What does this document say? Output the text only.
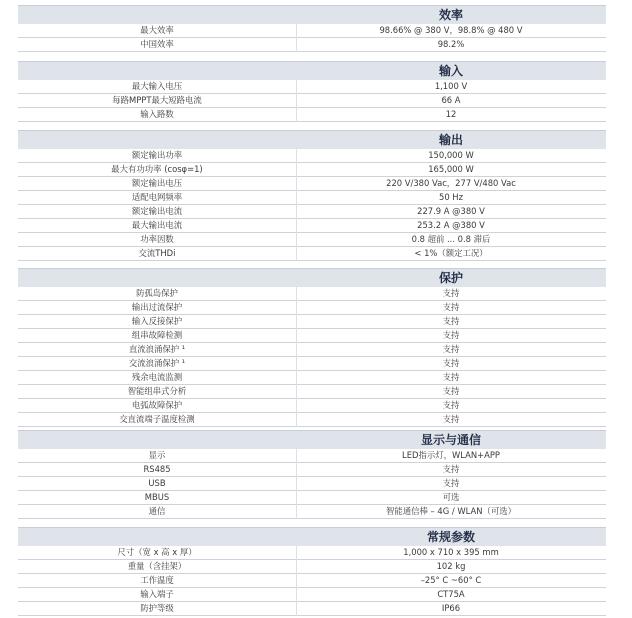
效率
最大效率	98.66% @ 380 V，98.8% @ 480 V
中国效率	98.2%
输入
最大输入电压	1,100 V
每路MPPT最大短路电流	66 A
输入路数	12
输出
额定输出功率	150,000 W
最大有功功率 (cosφ=1)	165,000 W
额定输出电压	220 V/380 Vac，277 V/480 Vac
适配电网频率	50 Hz
额定输出电流	227.9 A @380 V
最大输出电流	253.2 A @380 V
功率因数	0.8 超前 ... 0.8 滞后
交流THDi	< 1%（额定工况）
保护
防孤岛保护	支持
输出过流保护	支持
输入反接保护	支持
组串故障检测	支持
直流浪涌保护 ¹	支持
交流浪涌保护 ¹	支持
残余电流监测	支持
智能组串式分析	支持
电弧故障保护	支持
交直流端子温度检测	支持
显示与通信
显示	LED指示灯，WLAN+APP
RS485	支持
USB	支持
MBUS	可选
通信	智能通信棒 – 4G / WLAN（可选）
常规参数
尺寸（宽 x 高 x 厚）	1,000 x 710 x 395 mm
重量（含挂架）	102 kg
工作温度	–25° C ~60° C
输入端子	CT75A
防护等级	IP66
